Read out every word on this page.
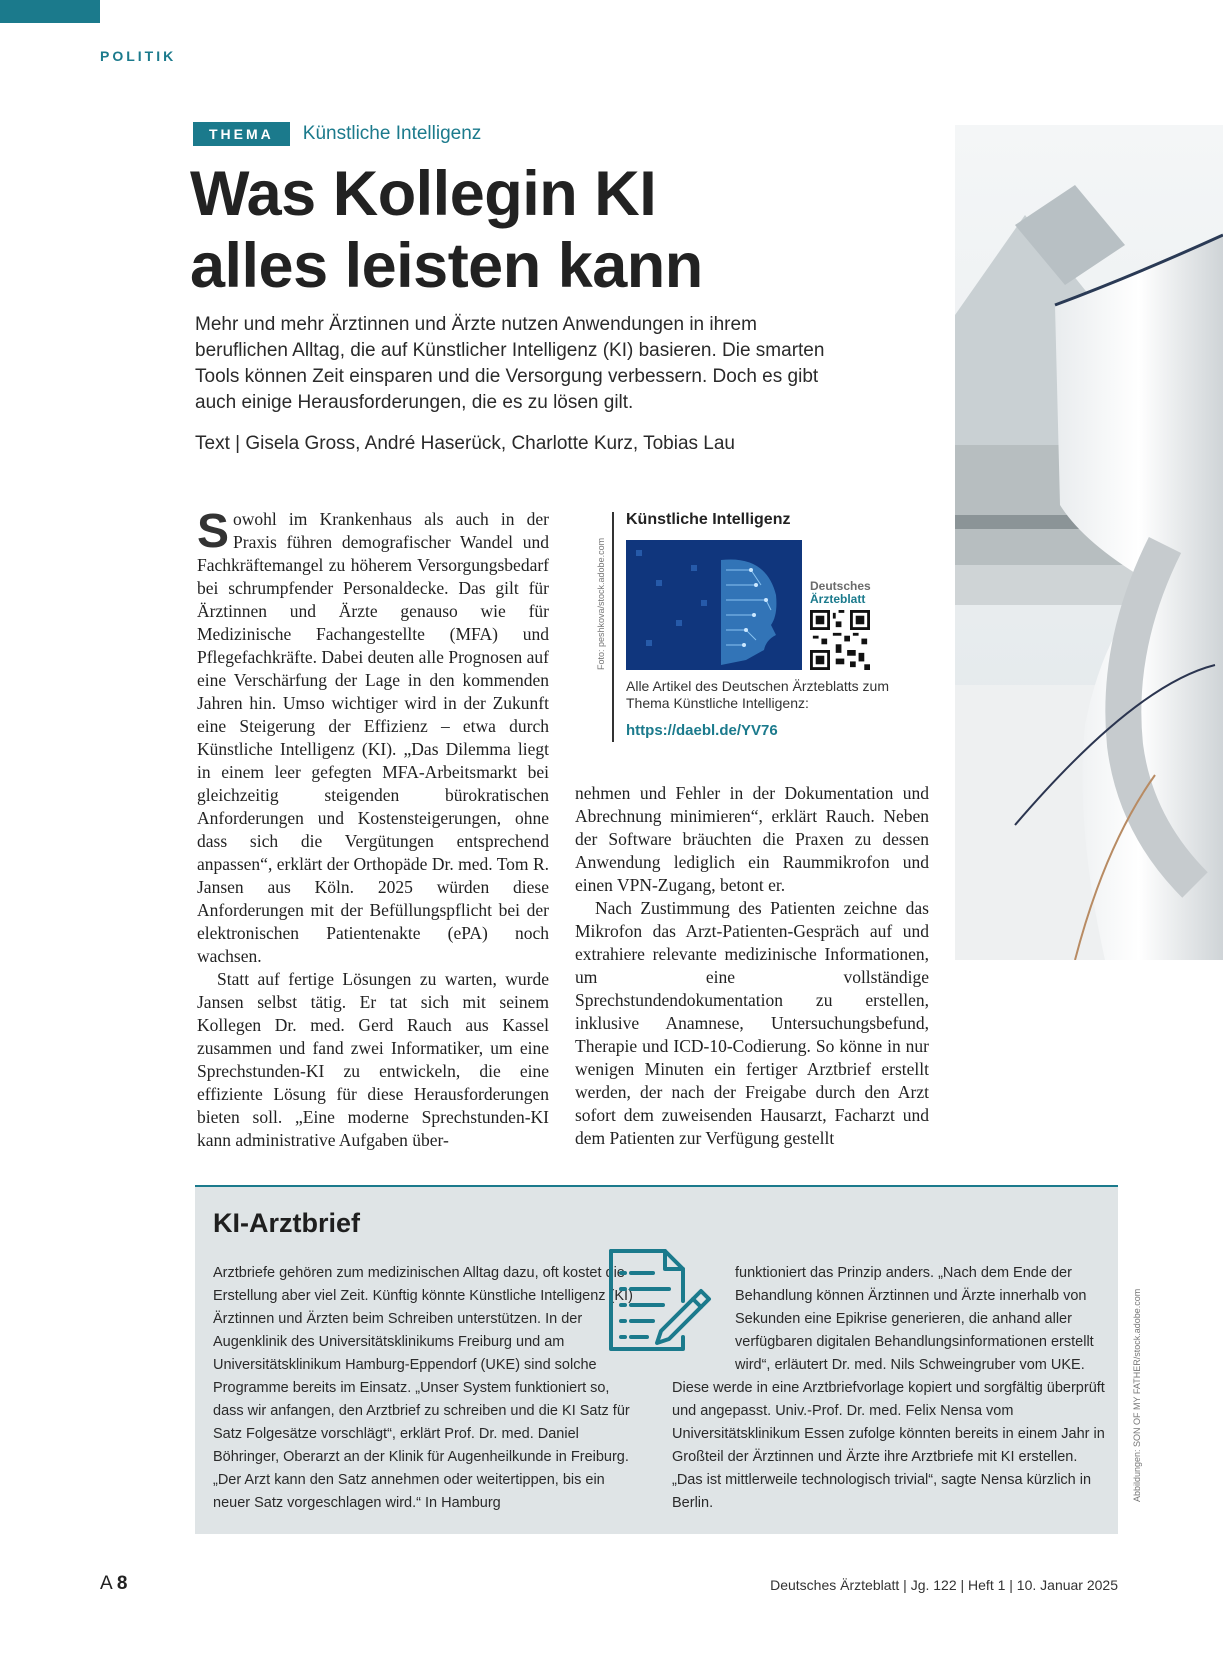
POLITIK
THEMA	Künstliche Intelligenz
Was Kollegin KI
alles leisten kann
Mehr und mehr Ärztinnen und Ärzte nutzen Anwendungen in ihrem beruflichen Alltag, die auf Künstlicher Intelligenz (KI) basieren. Die smarten Tools können Zeit einsparen und die Versorgung verbessern. Doch es gibt auch einige Herausforderungen, die es zu lösen gilt.
Text | Gisela Gross, André Haserück, Charlotte Kurz, Tobias Lau

Sowohl im Krankenhaus als auch in der Praxis führen demografischer Wandel und Fachkräftemangel zu höherem Versorgungsbedarf bei schrumpfender Personaldecke. Das gilt für Ärztinnen und Ärzte genauso wie für Medizinische Fachangestellte (MFA) und Pflegefachkräfte. Dabei deuten alle Prognosen auf eine Verschärfung der Lage in den kommenden Jahren hin. Umso wichtiger wird in der Zukunft eine Steigerung der Effizienz – etwa durch Künstliche Intelligenz (KI). „Das Dilemma liegt in einem leer gefegten MFA-Arbeitsmarkt bei gleichzeitig steigenden bürokratischen Anforderungen und Kostensteigerungen, ohne dass sich die Vergütungen entsprechend anpassen“, erklärt der Orthopäde Dr. med. Tom R. Jansen aus Köln. 2025 würden diese Anforderungen mit der Befüllungspflicht bei der elektronischen Patientenakte (ePA) noch wachsen.

Statt auf fertige Lösungen zu warten, wurde Jansen selbst tätig. Er tat sich mit seinem Kollegen Dr. med. Gerd Rauch aus Kassel zusammen und fand zwei Informatiker, um eine Sprechstunden-KI zu entwickeln, die eine effiziente Lösung für diese Herausforderungen bieten soll. „Eine moderne Sprechstunden-KI kann administrative Aufgaben über-

nehmen und Fehler in der Dokumentation und Abrechnung minimieren“, erklärt Rauch. Neben der Software bräuchten die Praxen zu dessen Anwendung lediglich ein Raummikrofon und einen VPN-Zugang, betont er.

Nach Zustimmung des Patienten zeichne das Mikrofon das Arzt-Patienten-Gespräch auf und extrahiere relevante medizinische Informationen, um eine vollständige Sprechstundendokumentation zu erstellen, inklusive Anamnese, Untersuchungsbefund, Therapie und ICD-10-Codierung. So könne in nur wenigen Minuten ein fertiger Arztbrief erstellt werden, der nach der Freigabe durch den Arzt sofort dem zuweisenden Hausarzt, Facharzt und dem Patienten zur Verfügung gestellt

Künstliche Intelligenz
Foto: peshkova/stock.adobe.com	Deutsches
Ärzteblatt
Alle Artikel des Deutschen Ärzteblatts zum Thema Künstliche Intelligenz:
https://daebl.de/YV76
KI-Arztbrief
Arztbriefe gehören zum medizinischen Alltag dazu, oft kostet die Erstellung aber viel Zeit. Künftig könnte Künstliche Intelligenz (KI) Ärztinnen und Ärzten beim Schreiben unterstützen. In der Augenklinik des Universitätsklinikums Freiburg und am Universitätsklinikum Hamburg-Eppendorf (UKE) sind solche Programme bereits im Einsatz. „Unser System funktioniert so, dass wir anfangen, den Arztbrief zu schreiben und die KI Satz für Satz Folgesätze vorschlägt“, erklärt Prof. Dr. med. Daniel Böhringer, Oberarzt an der Klinik für Augenheilkunde in Freiburg. „Der Arzt kann den Satz annehmen oder weitertippen, bis ein neuer Satz vorgeschlagen wird.“ In Hamburg
funktioniert das Prinzip anders. „Nach dem Ende der Behandlung können Ärztinnen und Ärzte innerhalb von Sekunden eine Epikrise generieren, die anhand aller verfügbaren digitalen Behandlungsinformationen erstellt wird“, erläutert Dr. med. Nils Schweingruber vom UKE.
Diese werde in eine Arztbriefvorlage kopiert und sorgfältig überprüft und angepasst. Univ.-Prof. Dr. med. Felix Nensa vom Universitätsklinikum Essen zufolge könnten bereits in einem Jahr in Großteil der Ärztinnen und Ärzte ihre Arztbriefe mit KI erstellen. „Das ist mittlerweile technologisch trivial“, sagte Nensa kürzlich in Berlin.
Abbildungen: SON OF MY FATHER/stock.adobe.com
A 8	Deutsches Ärzteblatt | Jg. 122 | Heft 1 | 10. Januar 2025
